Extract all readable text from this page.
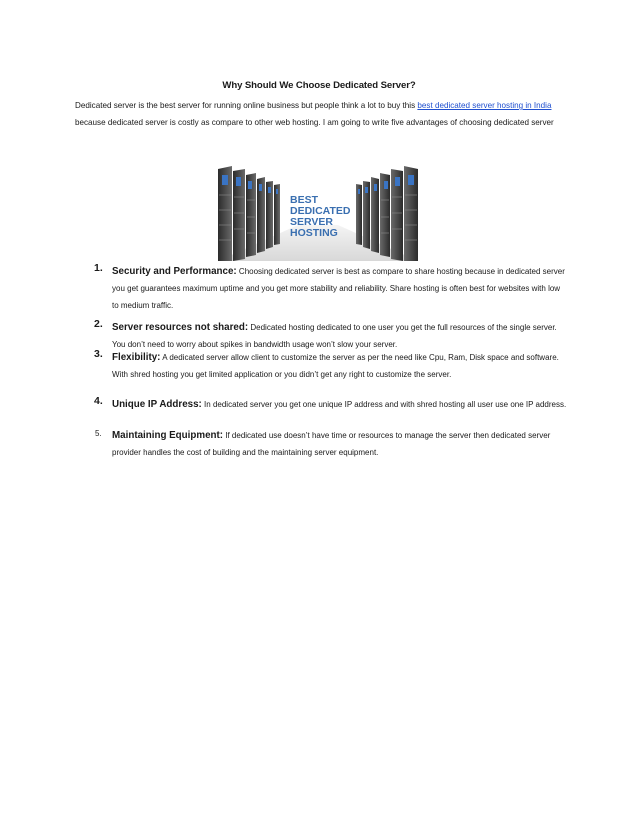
Why Should We Choose Dedicated Server?

Dedicated server is the best server for running online business but people think a lot to buy this best dedicated server hosting in India because dedicated server is costly as compare to other web hosting. I am going to write five advantages of choosing dedicated server

BEST
DEDICATED
SERVER
HOSTING
1. Security and Performance: Choosing dedicated server is best as compare to share hosting because in dedicated server you get guarantees maximum uptime and you get more stability and reliability. Share hosting is often best for websites with low to medium traffic.
2. Server resources not shared: Dedicated hosting dedicated to one user you get the full resources of the single server. You don’t need to worry about spikes in bandwidth usage won’t slow your server.
3. Flexibility: A dedicated server allow client to customize the server as per the need like Cpu, Ram, Disk space and software. With shred hosting you get limited application or you didn’t get any right to customize the server.
4. Unique IP Address: In dedicated server you get one unique IP address and with shred hosting all user use one IP address.
5. Maintaining Equipment: If dedicated use doesn’t have time or resources to manage the server then dedicated server provider handles the cost of building and the maintaining server equipment.
